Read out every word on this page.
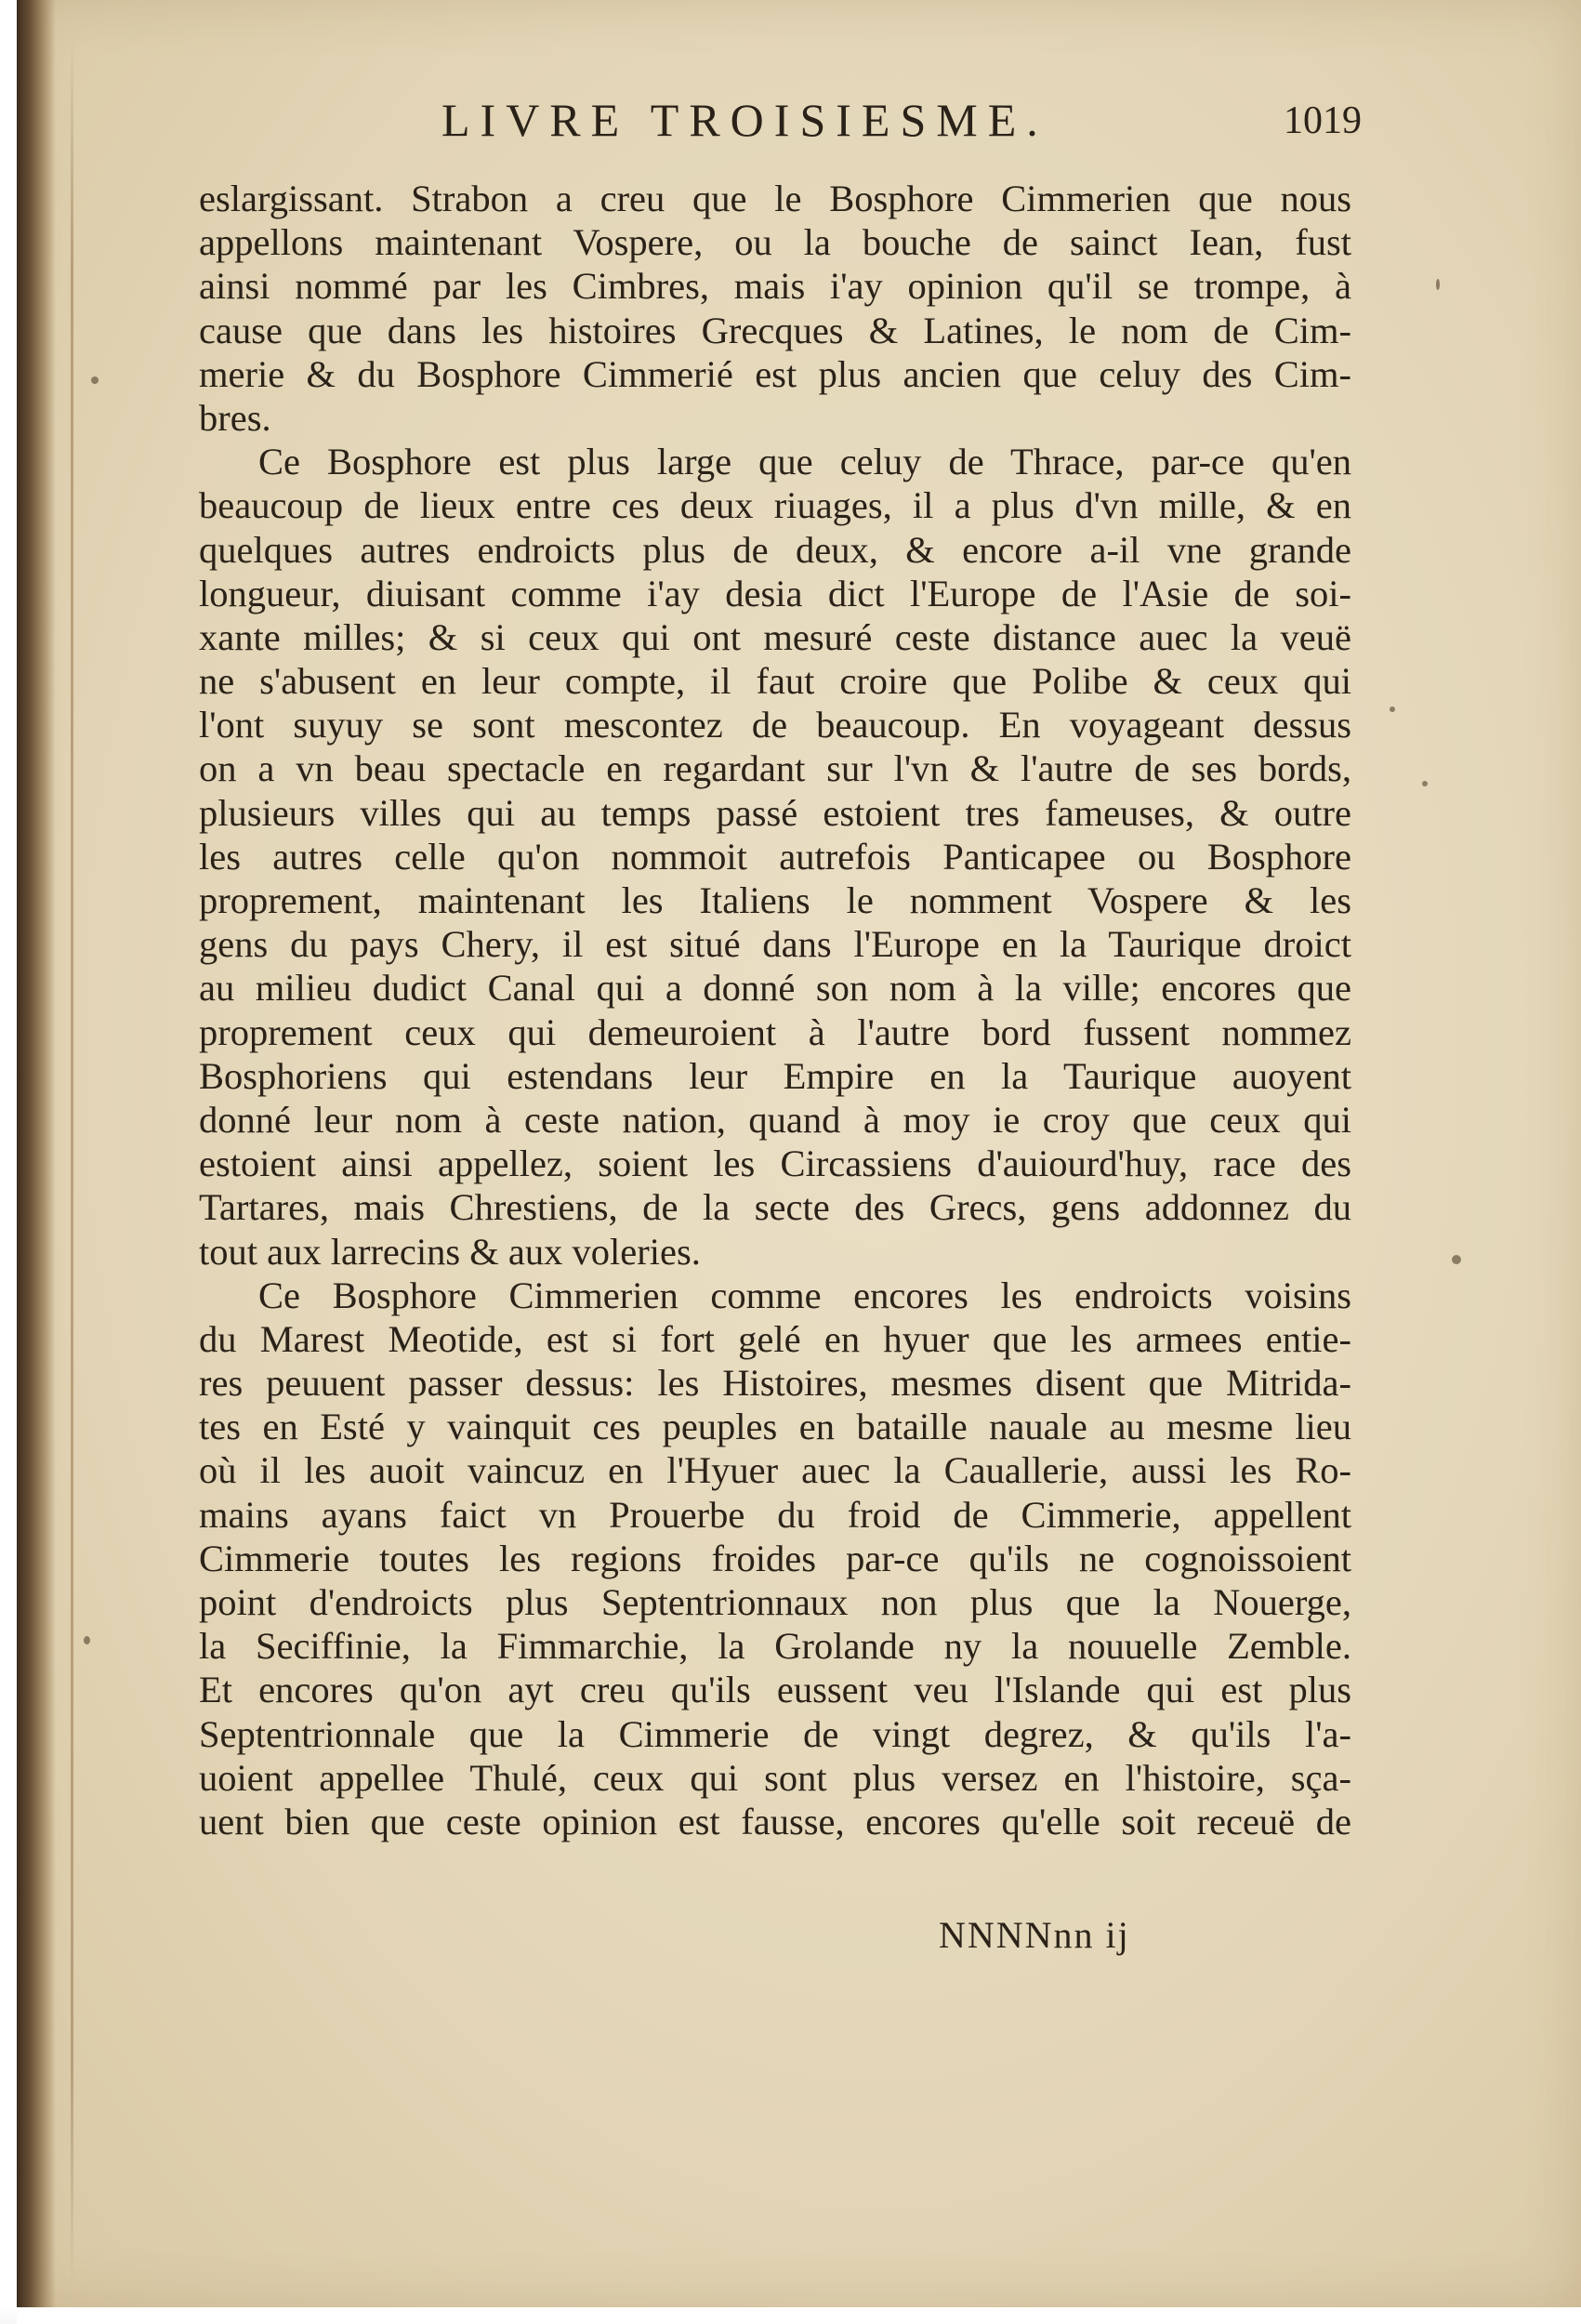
LIVRE TROISIESME.	1019
eslargissant. Strabon a creu que le Bosphore Cimmerien que nous
appellons maintenant Vospere, ou la bouche de sainct Iean, fust
ainsi nommé par les Cimbres, mais i'ay opinion qu'il se trompe, à
cause que dans les histoires Grecques & Latines, le nom de Cim-
merie & du Bosphore Cimmerié est plus ancien que celuy des Cim-
bres.
Ce Bosphore est plus large que celuy de Thrace, par-ce qu'en
beaucoup de lieux entre ces deux riuages, il a plus d'vn mille, & en
quelques autres endroicts plus de deux, & encore a-il vne grande
longueur, diuisant comme i'ay desia dict l'Europe de l'Asie de soi-
xante milles; & si ceux qui ont mesuré ceste distance auec la veuë
ne s'abusent en leur compte, il faut croire que Polibe & ceux qui
l'ont suyuy se sont mescontez de beaucoup. En voyageant dessus
on a vn beau spectacle en regardant sur l'vn & l'autre de ses bords,
plusieurs villes qui au temps passé estoient tres fameuses, & outre
les autres celle qu'on nommoit autrefois Panticapee ou Bosphore
proprement, maintenant les Italiens le nomment Vospere & les
gens du pays Chery, il est situé dans l'Europe en la Taurique droict
au milieu dudict Canal qui a donné son nom à la ville; encores que
proprement ceux qui demeuroient à l'autre bord fussent nommez
Bosphoriens qui estendans leur Empire en la Taurique auoyent
donné leur nom à ceste nation, quand à moy ie croy que ceux qui
estoient ainsi appellez, soient les Circassiens d'auiourd'huy, race des
Tartares, mais Chrestiens, de la secte des Grecs, gens addonnez du
tout aux larrecins & aux voleries.
Ce Bosphore Cimmerien comme encores les endroicts voisins
du Marest Meotide, est si fort gelé en hyuer que les armees entie-
res peuuent passer dessus: les Histoires, mesmes disent que Mitrida-
tes en Esté y vainquit ces peuples en bataille nauale au mesme lieu
où il les auoit vaincuz en l'Hyuer auec la Cauallerie, aussi les Ro-
mains ayans faict vn Prouerbe du froid de Cimmerie, appellent
Cimmerie toutes les regions froides par-ce qu'ils ne cognoissoient
point d'endroicts plus Septentrionnaux non plus que la Nouerge,
la Seciffinie, la Fimmarchie, la Grolande ny la nouuelle Zemble.
Et encores qu'on ayt creu qu'ils eussent veu l'Islande qui est plus
Septentrionnale que la Cimmerie de vingt degrez, & qu'ils l'a-
uoient appellee Thulé, ceux qui sont plus versez en l'histoire, sça-
uent bien que ceste opinion est fausse, encores qu'elle soit receuë de
NNNNnn ij
